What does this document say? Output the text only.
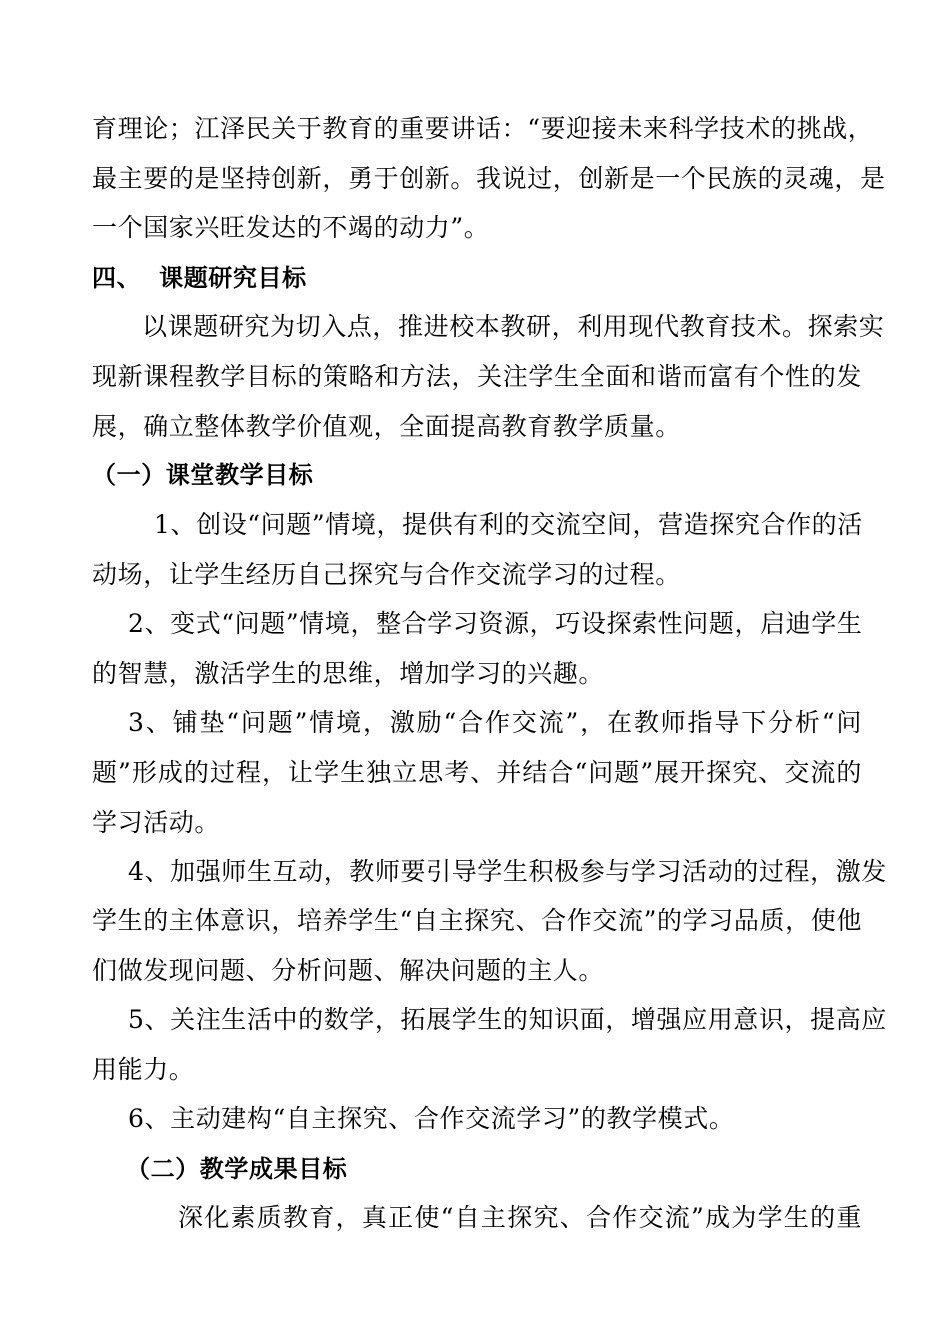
育理论；江泽民关于教育的重要讲话：“要迎接未来科学技术的挑战，
最主要的是坚持创新，勇于创新。我说过，创新是一个民族的灵魂，是
一个国家兴旺发达的不竭的动力”。
四、  课题研究目标
以课题研究为切入点，推进校本教研，利用现代教育技术。探索实
现新课程教学目标的策略和方法，关注学生全面和谐而富有个性的发
展，确立整体教学价值观，全面提高教育教学质量。
（一）课堂教学目标
1、创设“问题”情境，提供有利的交流空间，营造探究合作的活
动场，让学生经历自己探究与合作交流学习的过程。
2、变式“问题”情境，整合学习资源，巧设探索性问题，启迪学生
的智慧，激活学生的思维，增加学习的兴趣。
3、铺垫“问题”情境，激励“合作交流”，在教师指导下分析“问
题”形成的过程，让学生独立思考、并结合“问题”展开探究、交流的
学习活动。
4、加强师生互动，教师要引导学生积极参与学习活动的过程，激发
学生的主体意识，培养学生“自主探究、合作交流”的学习品质，使他
们做发现问题、分析问题、解决问题的主人。
5、关注生活中的数学，拓展学生的知识面，增强应用意识，提高应
用能力。
6、主动建构“自主探究、合作交流学习”的教学模式。
（二）教学成果目标
深化素质教育，真正使“自主探究、合作交流”成为学生的重
